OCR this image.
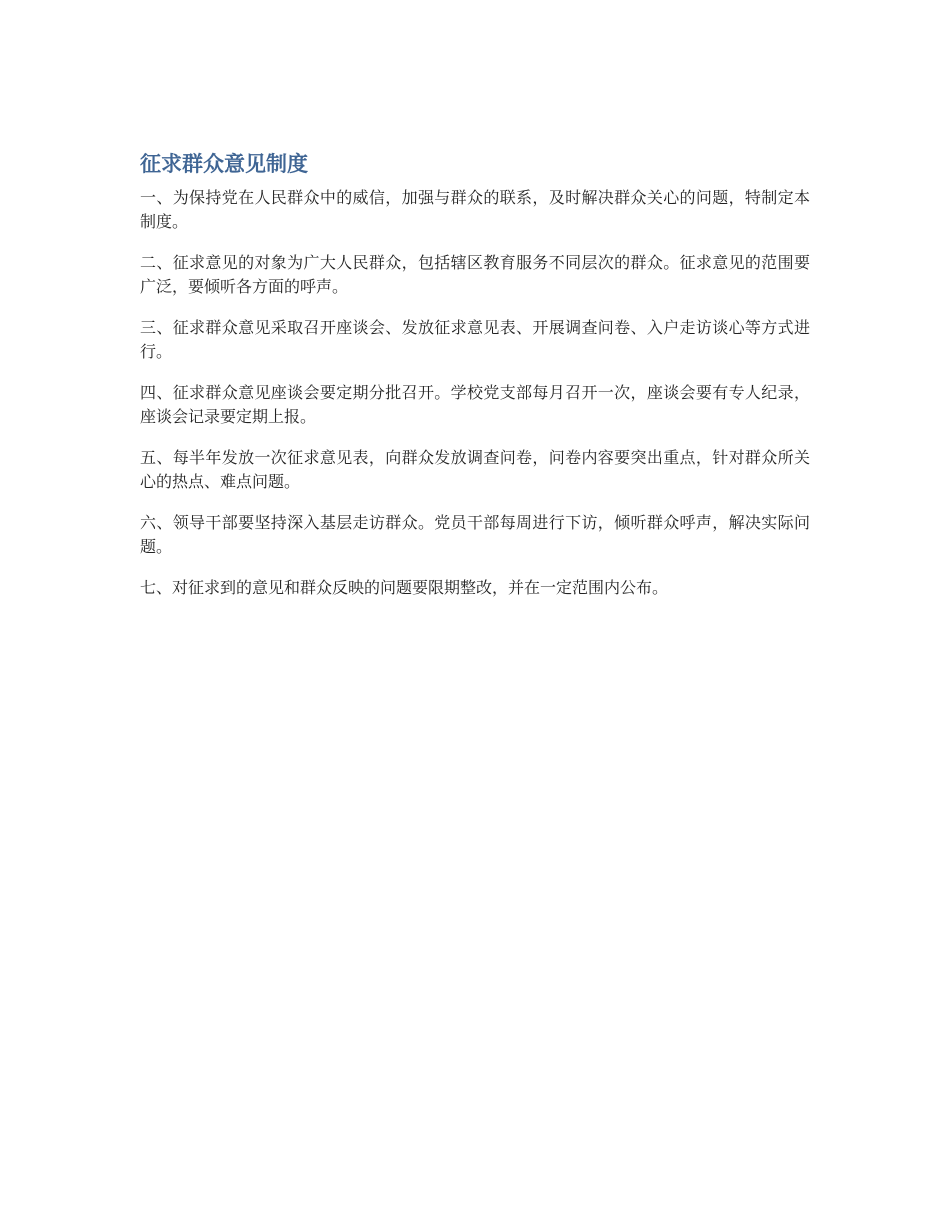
征求群众意见制度

一、为保持党在人民群众中的威信，加强与群众的联系，及时解决群众关心的问题，特制定本制度。

二、征求意见的对象为广大人民群众，包括辖区教育服务不同层次的群众。征求意见的范围要广泛，要倾听各方面的呼声。

三、征求群众意见采取召开座谈会、发放征求意见表、开展调查问卷、入户走访谈心等方式进行。

四、征求群众意见座谈会要定期分批召开。学校党支部每月召开一次，座谈会要有专人纪录，座谈会记录要定期上报。

五、每半年发放一次征求意见表，向群众发放调查问卷，问卷内容要突出重点，针对群众所关心的热点、难点问题。

六、领导干部要坚持深入基层走访群众。党员干部每周进行下访，倾听群众呼声，解决实际问题。

七、对征求到的意见和群众反映的问题要限期整改，并在一定范围内公布。
